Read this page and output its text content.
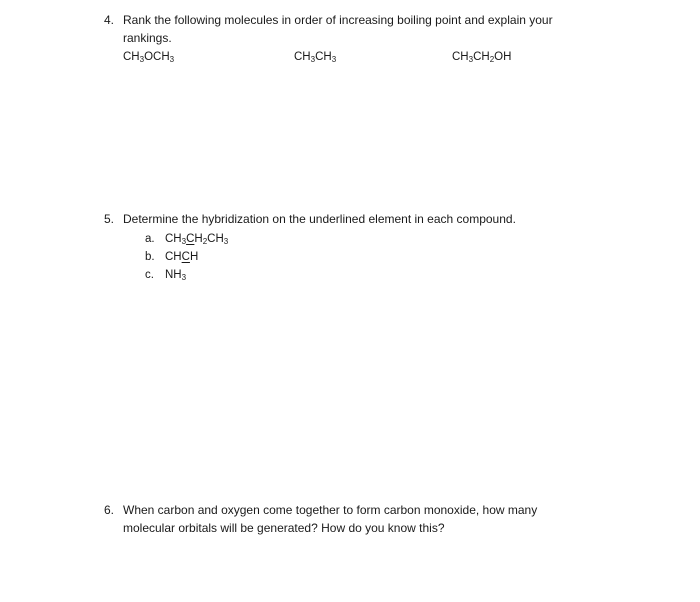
4. Rank the following molecules in order of increasing boiling point and explain your
rankings.
$CH_3OCH_3$	$CH_3CH_3$	$CH_3CH_2OH$
5. Determine the hybridization on the underlined element in each compound.
a. $CH_3CH_2CH_3$
b. CHCH
c. $NH_3$
6. When carbon and oxygen come together to form carbon monoxide, how many
molecular orbitals will be generated? How do you know this?
